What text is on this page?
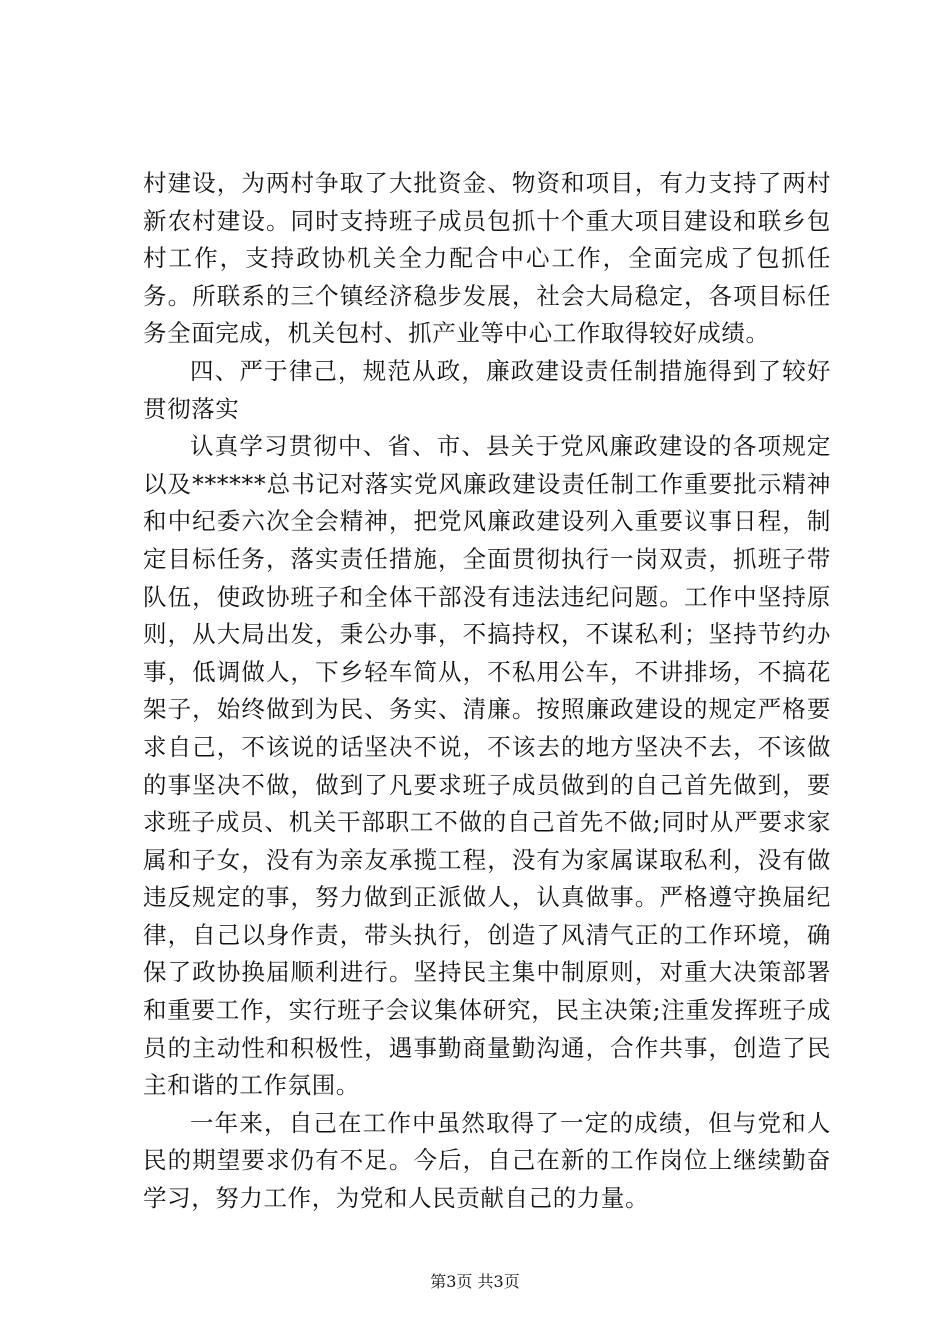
村建设，为两村争取了大批资金、物资和项目，有力支持了两村新农村建设。同时支持班子成员包抓十个重大项目建设和联乡包村工作，支持政协机关全力配合中心工作，全面完成了包抓任务。所联系的三个镇经济稳步发展，社会大局稳定，各项目标任务全面完成，机关包村、抓产业等中心工作取得较好成绩。

四、严于律己，规范从政，廉政建设责任制措施得到了较好贯彻落实

认真学习贯彻中、省、市、县关于党风廉政建设的各项规定以及******总书记对落实党风廉政建设责任制工作重要批示精神和中纪委六次全会精神，把党风廉政建设列入重要议事日程，制定目标任务，落实责任措施，全面贯彻执行一岗双责，抓班子带队伍，使政协班子和全体干部没有违法违纪问题。工作中坚持原则，从大局出发，秉公办事，不搞持权，不谋私利；坚持节约办事，低调做人，下乡轻车简从，不私用公车，不讲排场，不搞花架子，始终做到为民、务实、清廉。按照廉政建设的规定严格要求自己，不该说的话坚决不说，不该去的地方坚决不去，不该做的事坚决不做，做到了凡要求班子成员做到的自己首先做到，要求班子成员、机关干部职工不做的自己首先不做;同时从严要求家属和子女，没有为亲友承揽工程，没有为家属谋取私利，没有做违反规定的事，努力做到正派做人，认真做事。严格遵守换届纪律，自己以身作责，带头执行，创造了风清气正的工作环境，确保了政协换届顺利进行。坚持民主集中制原则，对重大决策部署和重要工作，实行班子会议集体研究，民主决策;注重发挥班子成员的主动性和积极性，遇事勤商量勤沟通，合作共事，创造了民主和谐的工作氛围。

一年来，自己在工作中虽然取得了一定的成绩，但与党和人民的期望要求仍有不足。今后，自己在新的工作岗位上继续勤奋学习，努力工作，为党和人民贡献自己的力量。

第3页 共3页
